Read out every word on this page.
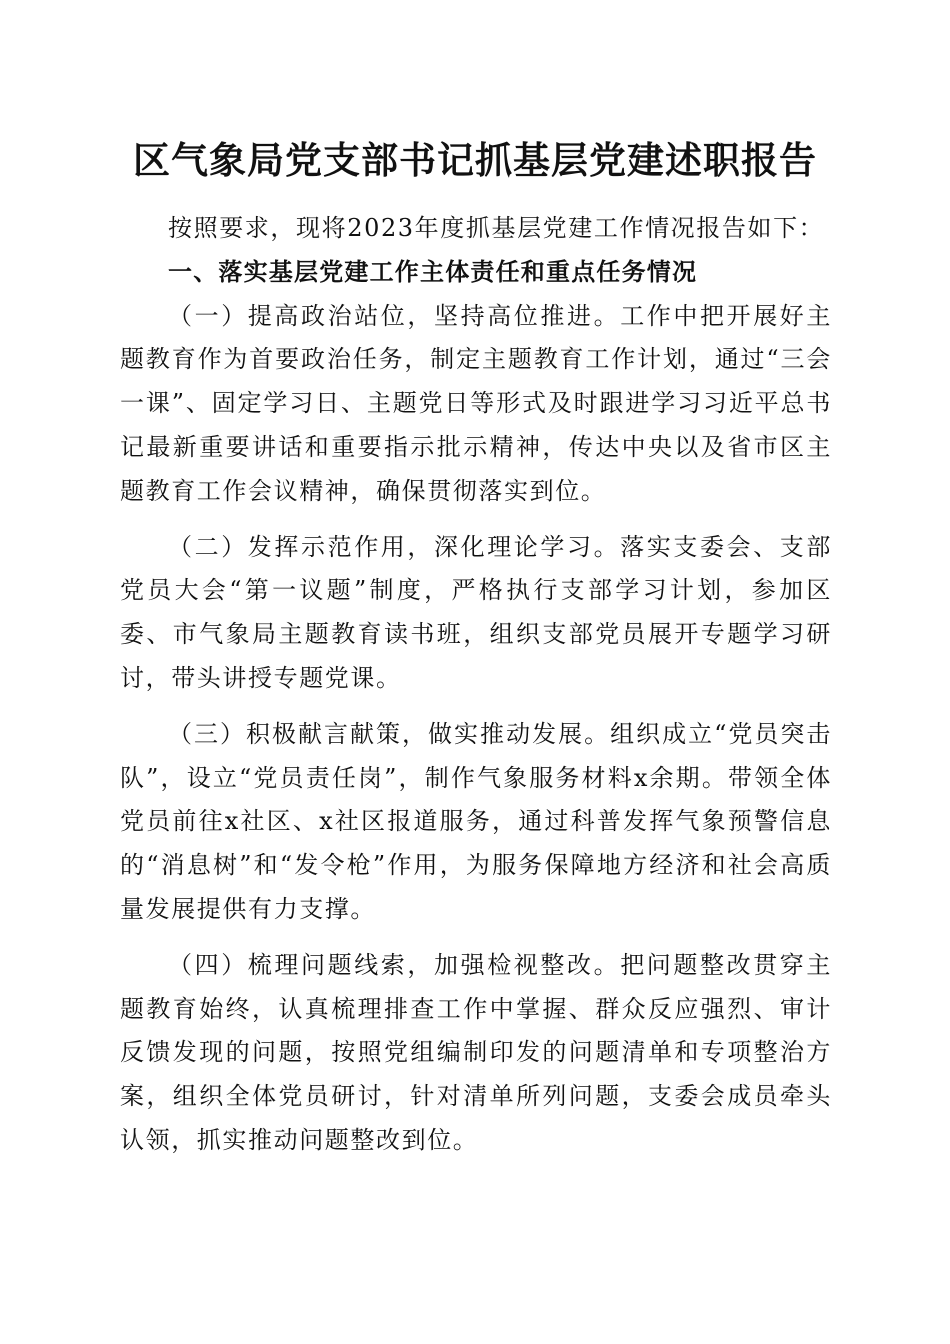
区气象局党支部书记抓基层党建述职报告

按照要求，现将2023年度抓基层党建工作情况报告如下：

一、落实基层党建工作主体责任和重点任务情况

（一）提高政治站位，坚持高位推进。工作中把开展好主题教育作为首要政治任务，制定主题教育工作计划，通过“三会一课”、固定学习日、主题党日等形式及时跟进学习习近平总书记最新重要讲话和重要指示批示精神，传达中央以及省市区主题教育工作会议精神，确保贯彻落实到位。

（二）发挥示范作用，深化理论学习。落实支委会、支部党员大会“第一议题”制度，严格执行支部学习计划，参加区委、市气象局主题教育读书班，组织支部党员展开专题学习研讨，带头讲授专题党课。

（三）积极献言献策，做实推动发展。组织成立“党员突击队”，设立“党员责任岗”，制作气象服务材料x余期。带领全体党员前往x社区、x社区报道服务，通过科普发挥气象预警信息的“消息树”和“发令枪”作用，为服务保障地方经济和社会高质量发展提供有力支撑。

（四）梳理问题线索，加强检视整改。把问题整改贯穿主题教育始终，认真梳理排查工作中掌握、群众反应强烈、审计反馈发现的问题，按照党组编制印发的问题清单和专项整治方案，组织全体党员研讨，针对清单所列问题，支委会成员牵头认领，抓实推动问题整改到位。
